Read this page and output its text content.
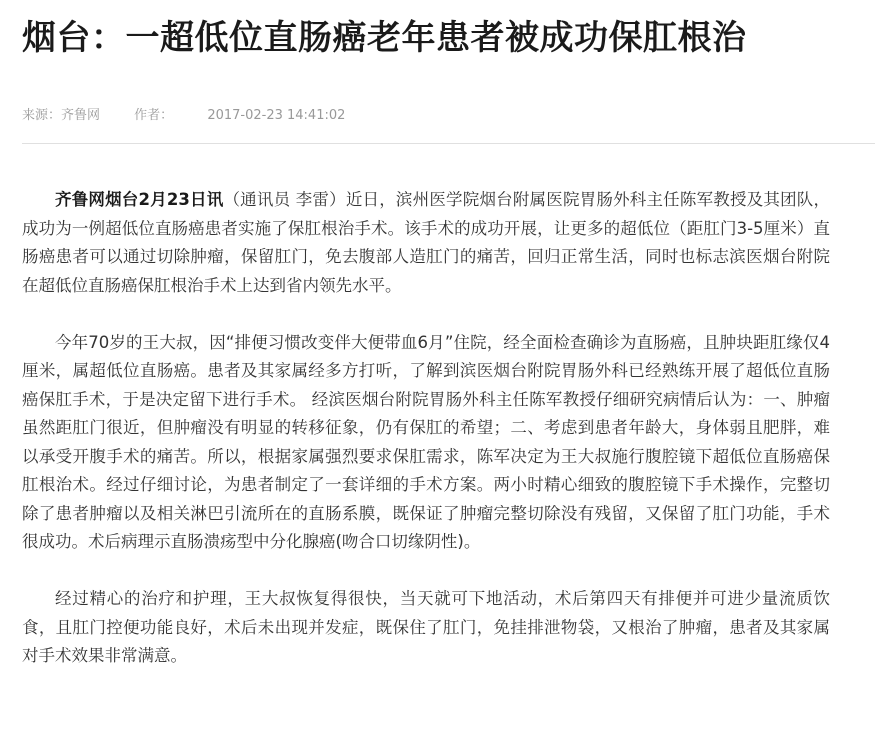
烟台：一超低位直肠癌老年患者被成功保肛根治
来源：齐鲁网	作者：	2017-02-23 14:41:02

齐鲁网烟台2月23日讯（通讯员 李雷）近日，滨州医学院烟台附属医院胃肠外科主任陈军教授及其团队，成功为一例超低位直肠癌患者实施了保肛根治手术。该手术的成功开展，让更多的超低位（距肛门3-5厘米）直肠癌患者可以通过切除肿瘤，保留肛门，免去腹部人造肛门的痛苦，回归正常生活，同时也标志滨医烟台附院在超低位直肠癌保肛根治手术上达到省内领先水平。

今年70岁的王大叔，因“排便习惯改变伴大便带血6月”住院，经全面检查确诊为直肠癌，且肿块距肛缘仅4厘米，属超低位直肠癌。患者及其家属经多方打听，了解到滨医烟台附院胃肠外科已经熟练开展了超低位直肠癌保肛手术，于是决定留下进行手术。 经滨医烟台附院胃肠外科主任陈军教授仔细研究病情后认为：一、肿瘤虽然距肛门很近，但肿瘤没有明显的转移征象，仍有保肛的希望；二、考虑到患者年龄大，身体弱且肥胖，难以承受开腹手术的痛苦。所以，根据家属强烈要求保肛需求，陈军决定为王大叔施行腹腔镜下超低位直肠癌保肛根治术。经过仔细讨论，为患者制定了一套详细的手术方案。两小时精心细致的腹腔镜下手术操作，完整切除了患者肿瘤以及相关淋巴引流所在的直肠系膜，既保证了肿瘤完整切除没有残留，又保留了肛门功能，手术很成功。术后病理示直肠溃疡型中分化腺癌(吻合口切缘阴性)。

经过精心的治疗和护理，王大叔恢复得很快，当天就可下地活动，术后第四天有排便并可进少量流质饮食，且肛门控便功能良好，术后未出现并发症，既保住了肛门，免挂排泄物袋，又根治了肿瘤，患者及其家属对手术效果非常满意。
